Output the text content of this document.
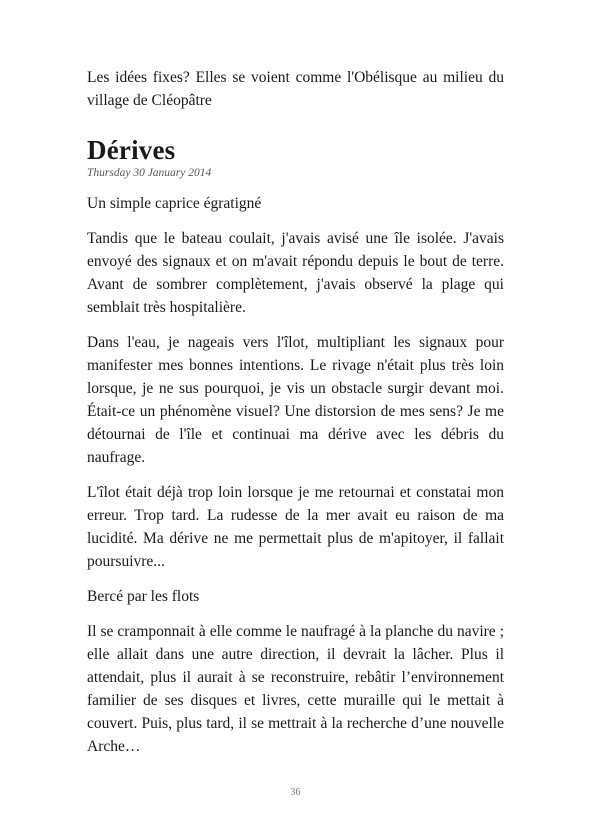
Les idées fixes? Elles se voient comme l'Obélisque au milieu du village de Cléopâtre

Dérives

Thursday 30 January 2014

Un simple caprice égratigné

Tandis que le bateau coulait, j'avais avisé une île isolée. J'avais envoyé des signaux et on m'avait répondu depuis le bout de terre. Avant de sombrer complètement, j'avais observé la plage qui semblait très hospitalière.

Dans l'eau, je nageais vers l'îlot, multipliant les signaux pour manifester mes bonnes intentions. Le rivage n'était plus très loin lorsque, je ne sus pourquoi, je vis un obstacle surgir devant moi. Était-ce un phénomène visuel? Une distorsion de mes sens? Je me détournai de l'île et continuai ma dérive avec les débris du naufrage.

L'îlot était déjà trop loin lorsque je me retournai et constatai mon erreur. Trop tard. La rudesse de la mer avait eu raison de ma lucidité. Ma dérive ne me permettait plus de m'apitoyer, il fallait poursuivre...

Bercé par les flots

Il se cramponnait à elle comme le naufragé à la planche du navire ; elle allait dans une autre direction, il devrait la lâcher. Plus il attendait, plus il aurait à se reconstruire, rebâtir l’environnement familier de ses disques et livres, cette muraille qui le mettait à couvert. Puis, plus tard, il se mettrait à la recherche d’une nouvelle Arche…

36
